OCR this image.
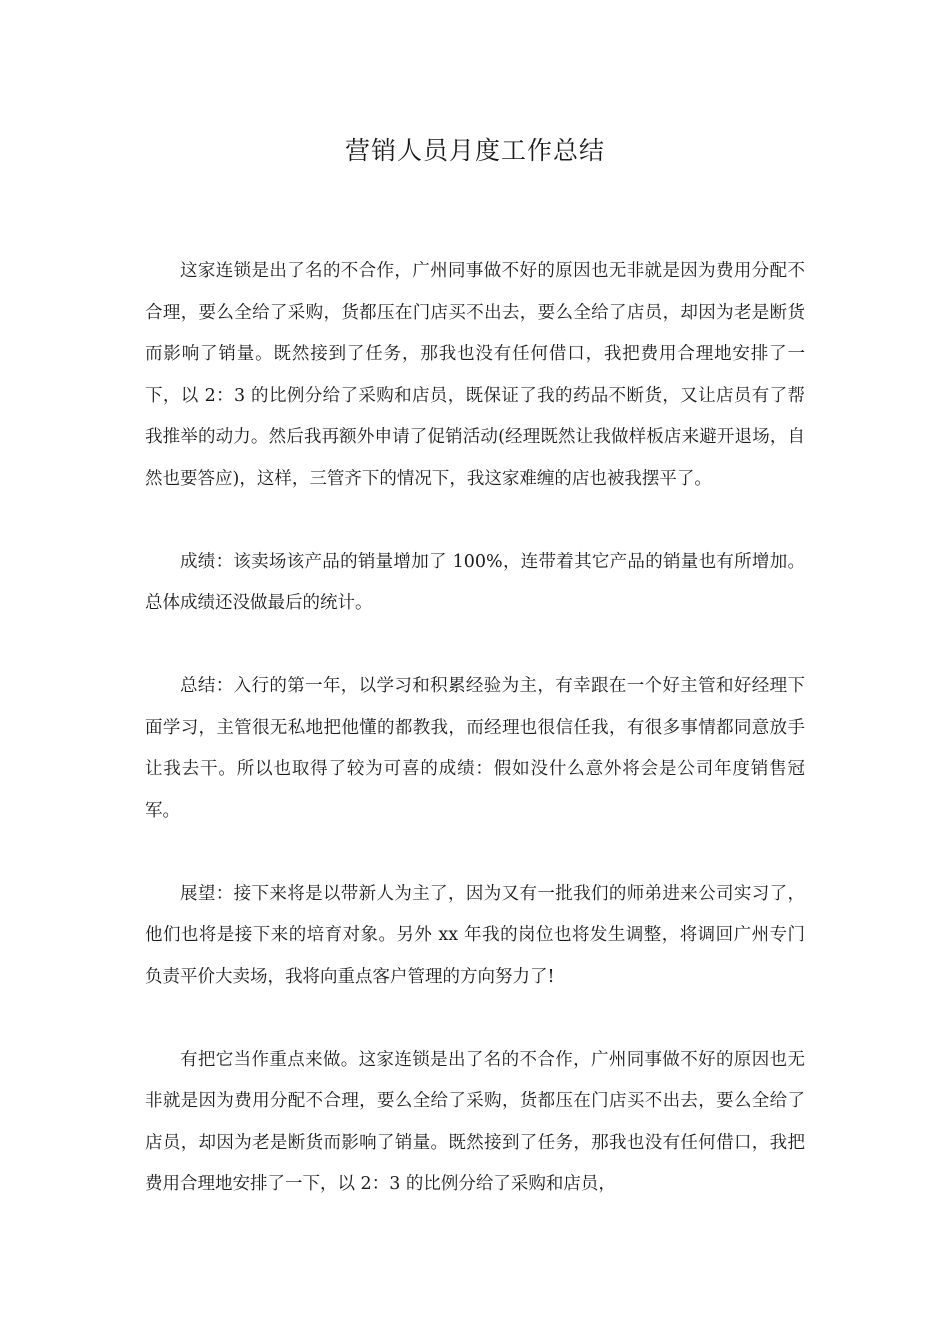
营销人员月度工作总结

这家连锁是出了名的不合作，广州同事做不好的原因也无非就是因为费用分配不合理，要么全给了采购，货都压在门店买不出去，要么全给了店员，却因为老是断货而影响了销量。既然接到了任务，那我也没有任何借口，我把费用合理地安排了一下，以 2：3 的比例分给了采购和店员，既保证了我的药品不断货，又让店员有了帮我推举的动力。然后我再额外申请了促销活动(经理既然让我做样板店来避开退场，自然也要答应)，这样，三管齐下的情况下，我这家难缠的店也被我摆平了。

成绩：该卖场该产品的销量增加了 100%，连带着其它产品的销量也有所增加。总体成绩还没做最后的统计。

总结：入行的第一年，以学习和积累经验为主，有幸跟在一个好主管和好经理下面学习，主管很无私地把他懂的都教我，而经理也很信任我，有很多事情都同意放手让我去干。所以也取得了较为可喜的成绩：假如没什么意外将会是公司年度销售冠军。

展望：接下来将是以带新人为主了，因为又有一批我们的师弟进来公司实习了，他们也将是接下来的培育对象。另外 xx 年我的岗位也将发生调整，将调回广州专门负责平价大卖场，我将向重点客户管理的方向努力了!

有把它当作重点来做。这家连锁是出了名的不合作，广州同事做不好的原因也无非就是因为费用分配不合理，要么全给了采购，货都压在门店买不出去，要么全给了店员，却因为老是断货而影响了销量。既然接到了任务，那我也没有任何借口，我把费用合理地安排了一下，以 2：3 的比例分给了采购和店员，
